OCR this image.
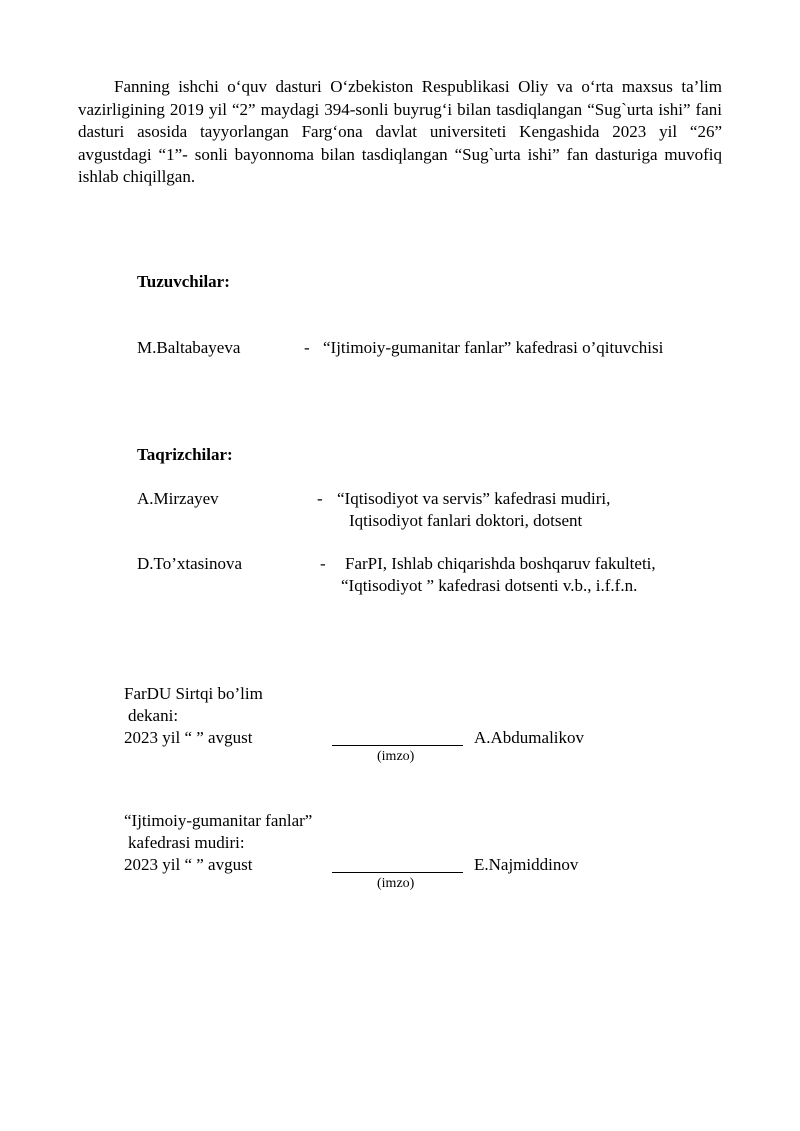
Fanning ishchi o‘quv dasturi O‘zbekiston Respublikasi Oliy va o‘rta maxsus ta’lim vazirligining 2019 yil “2” maydagi 394-sonli buyrug‘i bilan tasdiqlangan “Sug`urta ishi” fani dasturi asosida tayyorlangan Farg‘ona davlat universiteti Kengashida 2023 yil “26” avgustdagi “1”- sonli bayonnoma bilan tasdiqlangan “Sug`urta ishi” fan dasturiga muvofiq ishlab chiqillgan.

Tuzuvchilar:

M.Baltabayeva	- “Ijtimoiy-gumanitar fanlar” kafedrasi o’qituvchisi

Taqrizchilar:

A.Mirzayev	- “Iqtisodiyot va servis” kafedrasi mudiri,
Iqtisodiyot fanlari doktori, dotsent
D.To’xtasinova	- FarPI, Ishlab chiqarishda boshqaruv fakulteti,
“Iqtisodiyot ” kafedrasi dotsenti v.b., i.f.f.n.
FarDU Sirtqi bo’lim
dekani:
2023 yil “ ” avgust	A.Abdumalikov
(imzo)
“Ijtimoiy-gumanitar fanlar”
kafedrasi mudiri:
2023 yil “ ” avgust	E.Najmiddinov
(imzo)
